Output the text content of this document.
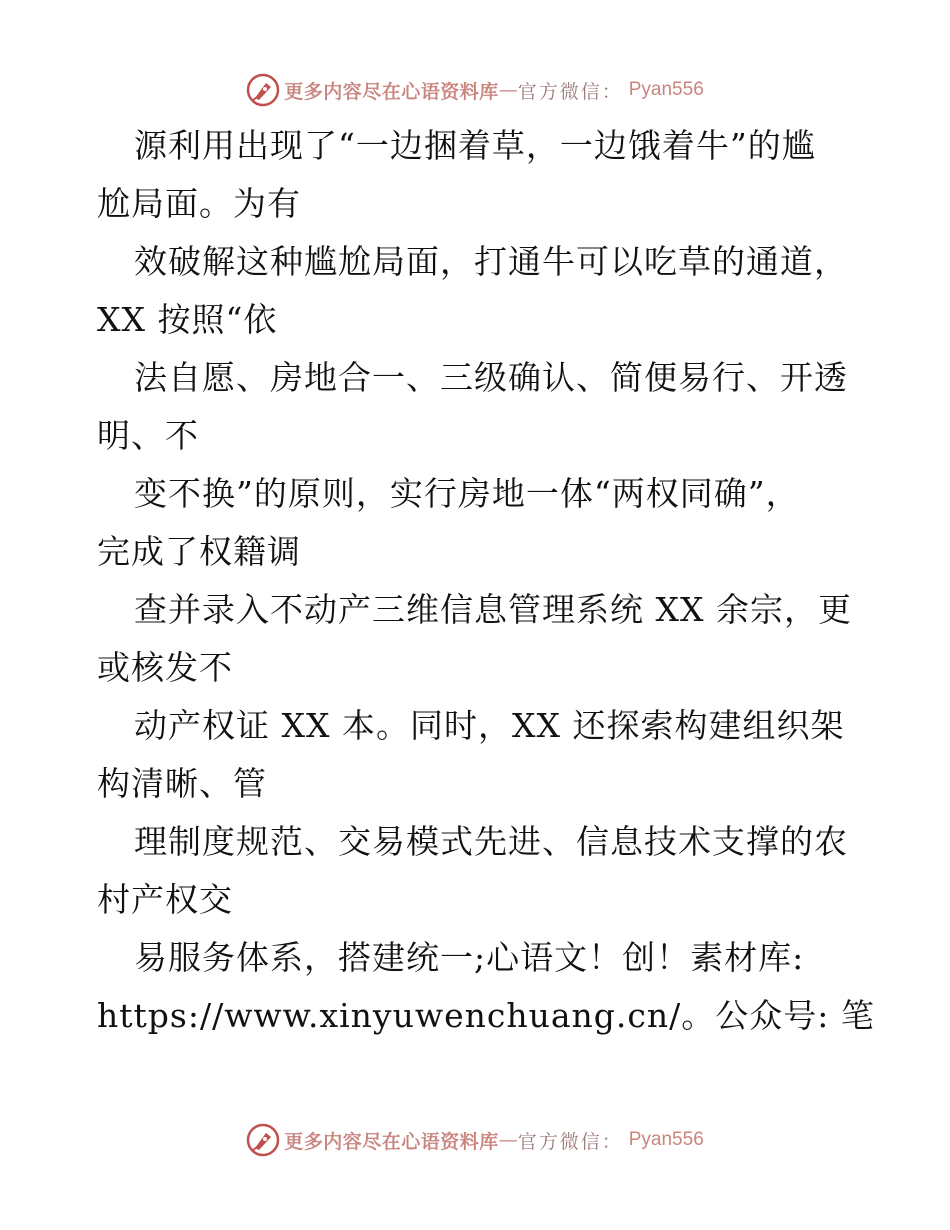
更多内容尽在心语资料库 — 官方微信： Pyan556
源利用出现了“一边捆着草，一边饿着牛”的尴
尬局面。为有
效破解这种尴尬局面，打通牛可以吃草的通道，
XX 按照“依
法自愿、房地合一、三级确认、简便易行、开透
明、不
变不换”的原则，实行房地一体“两权同确”，
完成了权籍调
查并录入不动产三维信息管理系统 XX 余宗，更
或核发不
动产权证 XX 本。同时，XX 还探索构建组织架
构清晰、管
理制度规范、交易模式先进、信息技术支撑的农
村产权交
易服务体系，搭建统一;心语文！创！素材库:
https://www.xinyuwenchuang.cn/。公众号: 笔
更多内容尽在心语资料库 — 官方微信： Pyan556
